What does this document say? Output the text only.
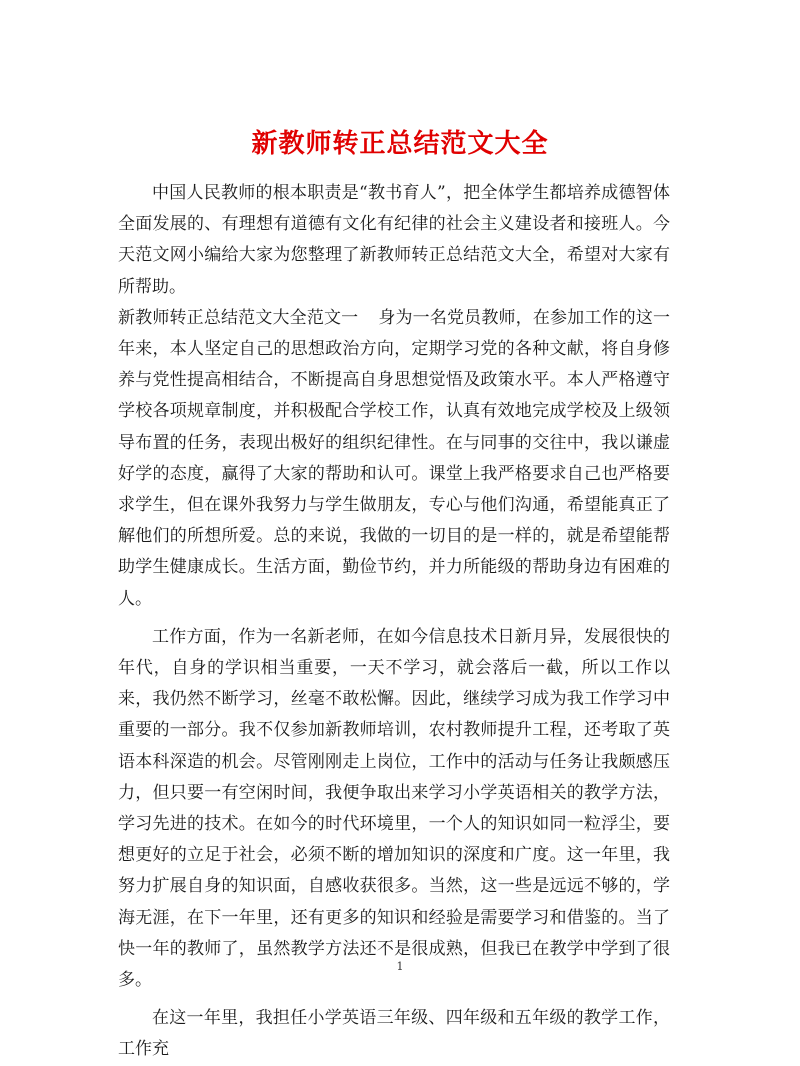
新教师转正总结范文大全

中国人民教师的根本职责是“教书育人”，把全体学生都培养成德智体全面发展的、有理想有道德有文化有纪律的社会主义建设者和接班人。今天范文网小编给大家为您整理了新教师转正总结范文大全，希望对大家有所帮助。

新教师转正总结范文大全范文一 身为一名党员教师，在参加工作的这一年来，本人坚定自己的思想政治方向，定期学习党的各种文献，将自身修养与党性提高相结合，不断提高自身思想觉悟及政策水平。本人严格遵守学校各项规章制度，并积极配合学校工作，认真有效地完成学校及上级领导布置的任务，表现出极好的组织纪律性。在与同事的交往中，我以谦虚好学的态度，赢得了大家的帮助和认可。课堂上我严格要求自己也严格要求学生，但在课外我努力与学生做朋友，专心与他们沟通，希望能真正了解他们的所想所爱。总的来说，我做的一切目的是一样的，就是希望能帮助学生健康成长。生活方面，勤俭节约，并力所能级的帮助身边有困难的人。

工作方面，作为一名新老师，在如今信息技术日新月异，发展很快的年代，自身的学识相当重要，一天不学习，就会落后一截，所以工作以来，我仍然不断学习，丝毫不敢松懈。因此，继续学习成为我工作学习中重要的一部分。我不仅参加新教师培训，农村教师提升工程，还考取了英语本科深造的机会。尽管刚刚走上岗位，工作中的活动与任务让我颇感压力，但只要一有空闲时间，我便争取出来学习小学英语相关的教学方法，学习先进的技术。在如今的时代环境里，一个人的知识如同一粒浮尘，要想更好的立足于社会，必须不断的增加知识的深度和广度。这一年里，我努力扩展自身的知识面，自感收获很多。当然，这一些是远远不够的，学海无涯，在下一年里，还有更多的知识和经验是需要学习和借鉴的。当了快一年的教师了，虽然教学方法还不是很成熟，但我已在教学中学到了很多。

在这一年里，我担任小学英语三年级、四年级和五年级的教学工作，工作充

1
